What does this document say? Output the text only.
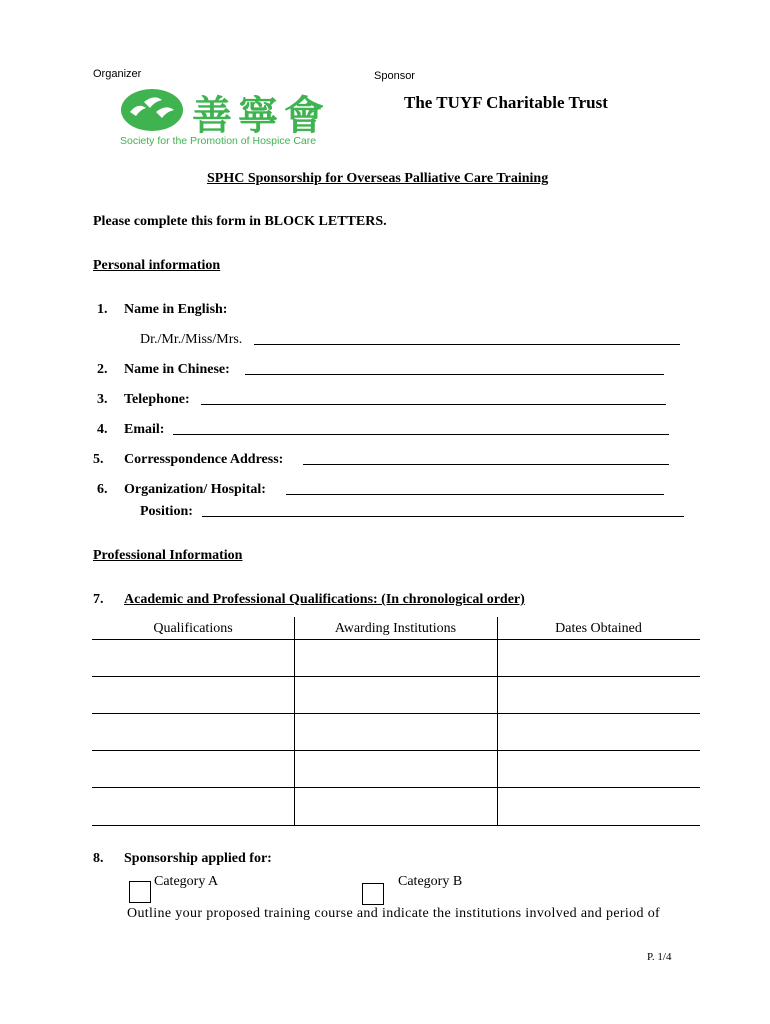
Organizer	Sponsor
善寧會
Society for the Promotion of Hospice Care
The TUYF Charitable Trust
SPHC Sponsorship for Overseas Palliative Care Training
Please complete this form in BLOCK LETTERS.
Personal information
1. Name in English:
Dr./Mr./Miss/Mrs.
2. Name in Chinese:
3. Telephone:
4. Email:
5. Corresspondence Address:
6. Organization/ Hospital:
Position:
Professional Information
7. Academic and Professional Qualifications: (In chronological order)
Qualifications	Awarding Institutions	Dates Obtained
8. Sponsorship applied for:
Category A	Category B
Outline your proposed training course and indicate the institutions involved and period of
P. 1/4
